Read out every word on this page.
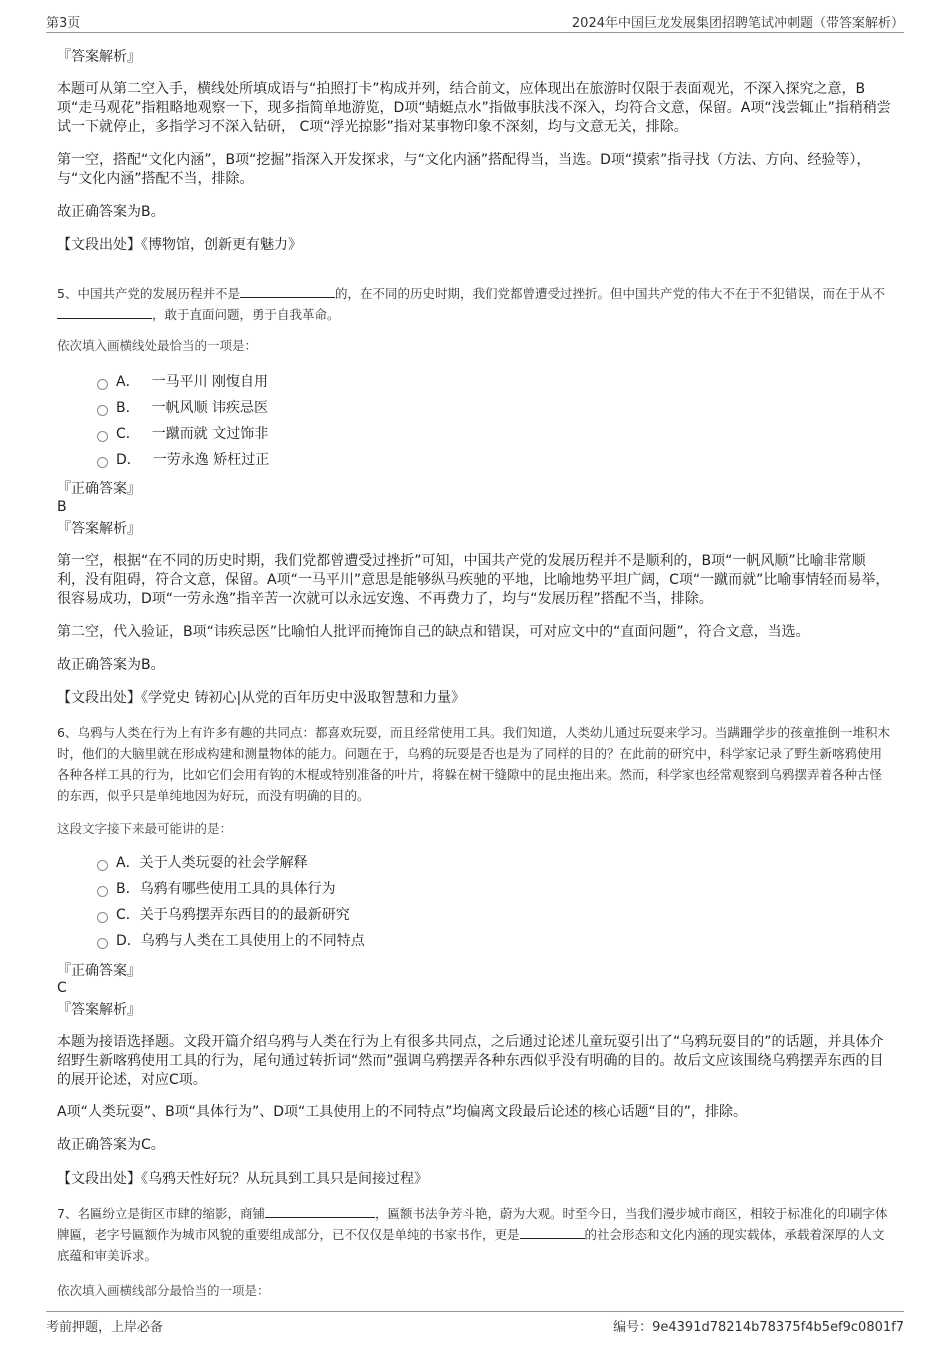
第3页	2024年中国巨龙发展集团招聘笔试冲刺题（带答案解析）
『答案解析』

本题可从第二空入手，横线处所填成语与“拍照打卡”构成并列，结合前文，应体现出在旅游时仅限于表面观光，不深入探究之意，B项“走马观花”指粗略地观察一下，现多指简单地游览，D项“蜻蜓点水”指做事肤浅不深入，均符合文意，保留。A项“浅尝辄止”指稍稍尝试一下就停止，多指学习不深入钻研， C项“浮光掠影”指对某事物印象不深刻，均与文意无关，排除。

第一空，搭配“文化内涵”，B项“挖掘”指深入开发探求，与“文化内涵”搭配得当，当选。D项“摸索”指寻找（方法、方向、经验等），与“文化内涵”搭配不当，排除。

故正确答案为B。
【文段出处】《博物馆，创新更有魅力》

5、中国共产党的发展历程并不是	的，在不同的历史时期，我们党都曾遭受过挫折。但中国共产党的伟大不在于不犯错误，而在于从不，敢于直面问题，勇于自我革命。

依次填入画横线处最恰当的一项是：
A． 一马平川 刚愎自用
B． 一帆风顺 讳疾忌医
C． 一蹴而就 文过饰非
D． 一劳永逸 矫枉过正
『正确答案』
B
『答案解析』

第一空，根据“在不同的历史时期，我们党都曾遭受过挫折”可知，中国共产党的发展历程并不是顺利的，B项“一帆风顺”比喻非常顺利，没有阻碍，符合文意，保留。A项“一马平川”意思是能够纵马疾驰的平地，比喻地势平坦广阔，C项“一蹴而就”比喻事情轻而易举，很容易成功，D项“一劳永逸”指辛苦一次就可以永远安逸、不再费力了，均与“发展历程”搭配不当，排除。

第二空，代入验证，B项“讳疾忌医”比喻怕人批评而掩饰自己的缺点和错误，可对应文中的“直面问题”，符合文意，当选。

故正确答案为B。
【文段出处】《学党史 铸初心|从党的百年历史中汲取智慧和力量》

6、乌鸦与人类在行为上有许多有趣的共同点：都喜欢玩耍，而且经常使用工具。我们知道，人类幼儿通过玩耍来学习。当蹒跚学步的孩童推倒一堆积木时，他们的大脑里就在形成构建和测量物体的能力。问题在于，乌鸦的玩耍是否也是为了同样的目的？在此前的研究中，科学家记录了野生新喀鸦使用各种各样工具的行为，比如它们会用有钩的木棍或特别准备的叶片，将躲在树干缝隙中的昆虫拖出来。然而，科学家也经常观察到乌鸦摆弄着各种古怪的东西，似乎只是单纯地因为好玩，而没有明确的目的。

这段文字接下来最可能讲的是：
A．关于人类玩耍的社会学解释
B．乌鸦有哪些使用工具的具体行为
C．关于乌鸦摆弄东西目的的最新研究
D．乌鸦与人类在工具使用上的不同特点
『正确答案』
C
『答案解析』

本题为接语选择题。文段开篇介绍乌鸦与人类在行为上有很多共同点，之后通过论述儿童玩耍引出了“乌鸦玩耍目的”的话题，并具体介绍野生新喀鸦使用工具的行为，尾句通过转折词“然而”强调乌鸦摆弄各种东西似乎没有明确的目的。故后文应该围绕乌鸦摆弄东西的目的展开论述，对应C项。

A项“人类玩耍”、B项“具体行为”、D项“工具使用上的不同特点”均偏离文段最后论述的核心话题“目的”，排除。

故正确答案为C。
【文段出处】《乌鸦天性好玩？从玩具到工具只是间接过程》

7、名匾纷立是街区市肆的缩影，商铺	，匾额书法争芳斗艳，蔚为大观。时至今日，当我们漫步城市商区，相较于标准化的印刷字体牌匾，老字号匾额作为城市风貌的重要组成部分，已不仅仅是单纯的书家书作，更是	的社会形态和文化内涵的现实载体，承载着深厚的人文底蕴和审美诉求。

依次填入画横线部分最恰当的一项是：
考前押题，上岸必备	编号：9e4391d78214b78375f4b5ef9c0801f7
